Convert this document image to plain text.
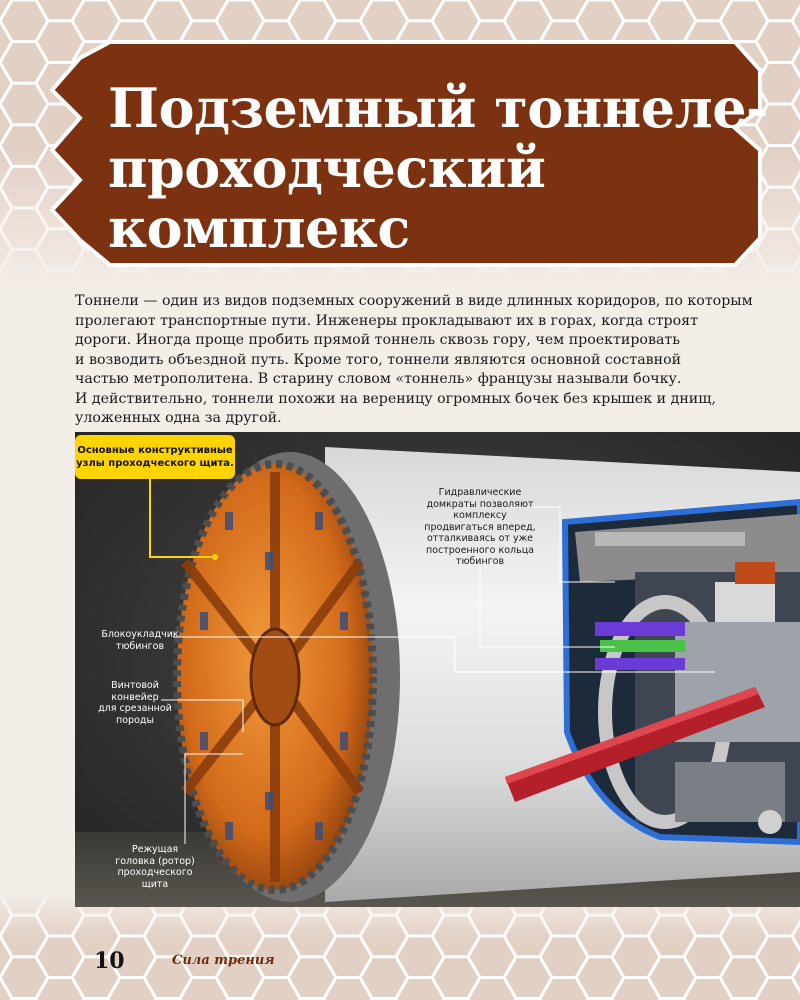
Подземный тоннеле-
проходческий
комплекс

Тоннели — один из видов подземных сооружений в виде длинных коридоров, по которым
пролегают транспортные пути. Инженеры прокладывают их в горах, когда строят
дороги. Иногда проще пробить прямой тоннель сквозь гору, чем проектировать
и возводить объездной путь. Кроме того, тоннели являются основной составной
частью метрополитена. В старину словом «тоннель» французы называли бочку.
И действительно, тоннели похожи на вереницу огромных бочек без крышек и днищ,
уложенных одна за другой.

Основные конструктивные
узлы проходческого щита.
Гидравлические
домкраты позволяют
комплексу
продвигаться вперед,
отталкиваясь от уже
построенного кольца
тюбингов
Блокоукладчик
тюбингов
Винтовой
конвейер
для срезанной
породы
Режущая
головка (ротор)
проходческого
щита
10	Сила трения
